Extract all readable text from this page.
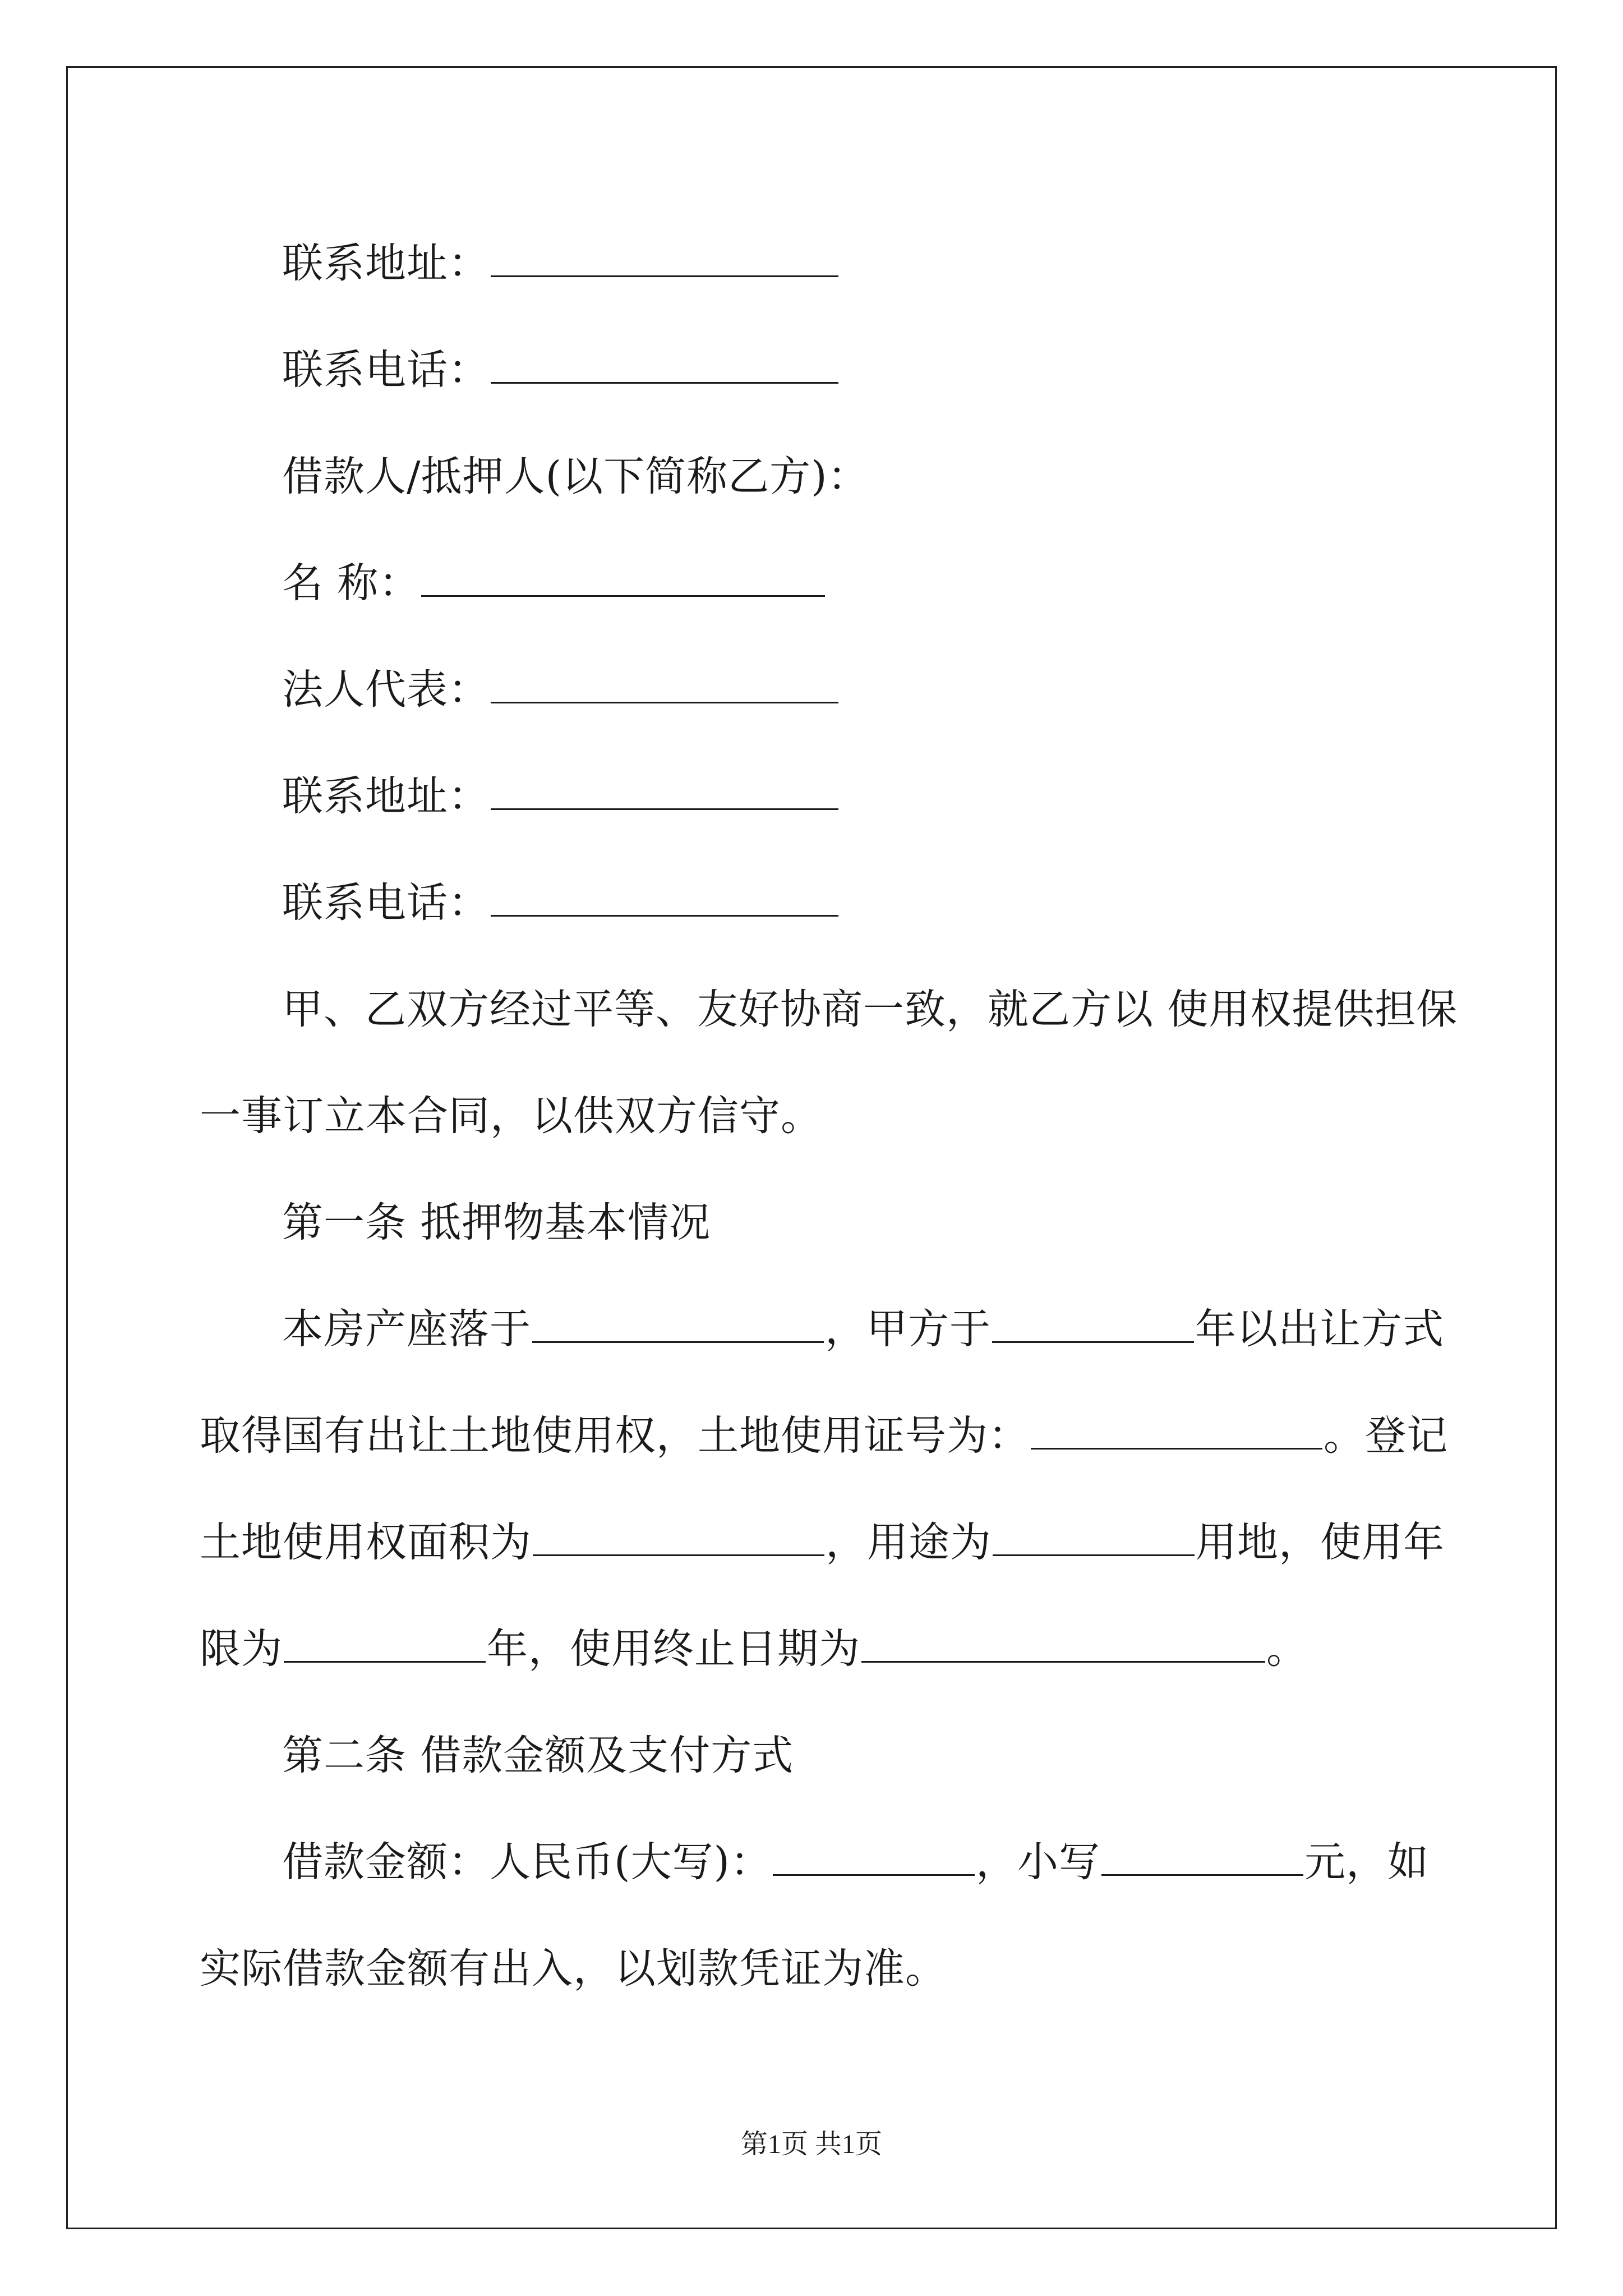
联系地址：
联系电话：
借款人/抵押人(以下简称乙方)：
名 称：
法人代表：
联系地址：
联系电话：
甲、乙双方经过平等、友好协商一致，就乙方以 使用权提供担保
一事订立本合同，以供双方信守。
第一条 抵押物基本情况
本房产座落于	，甲方于	年以出让方式
取得国有出让土地使用权，土地使用证号为：	。登记
土地使用权面积为	，用途为	用地，使用年
限为	年，使用终止日期为	。
第二条 借款金额及支付方式
借款金额：人民币(大写)：	，小写	元，如
实际借款金额有出入，以划款凭证为准。
第1页 共1页
